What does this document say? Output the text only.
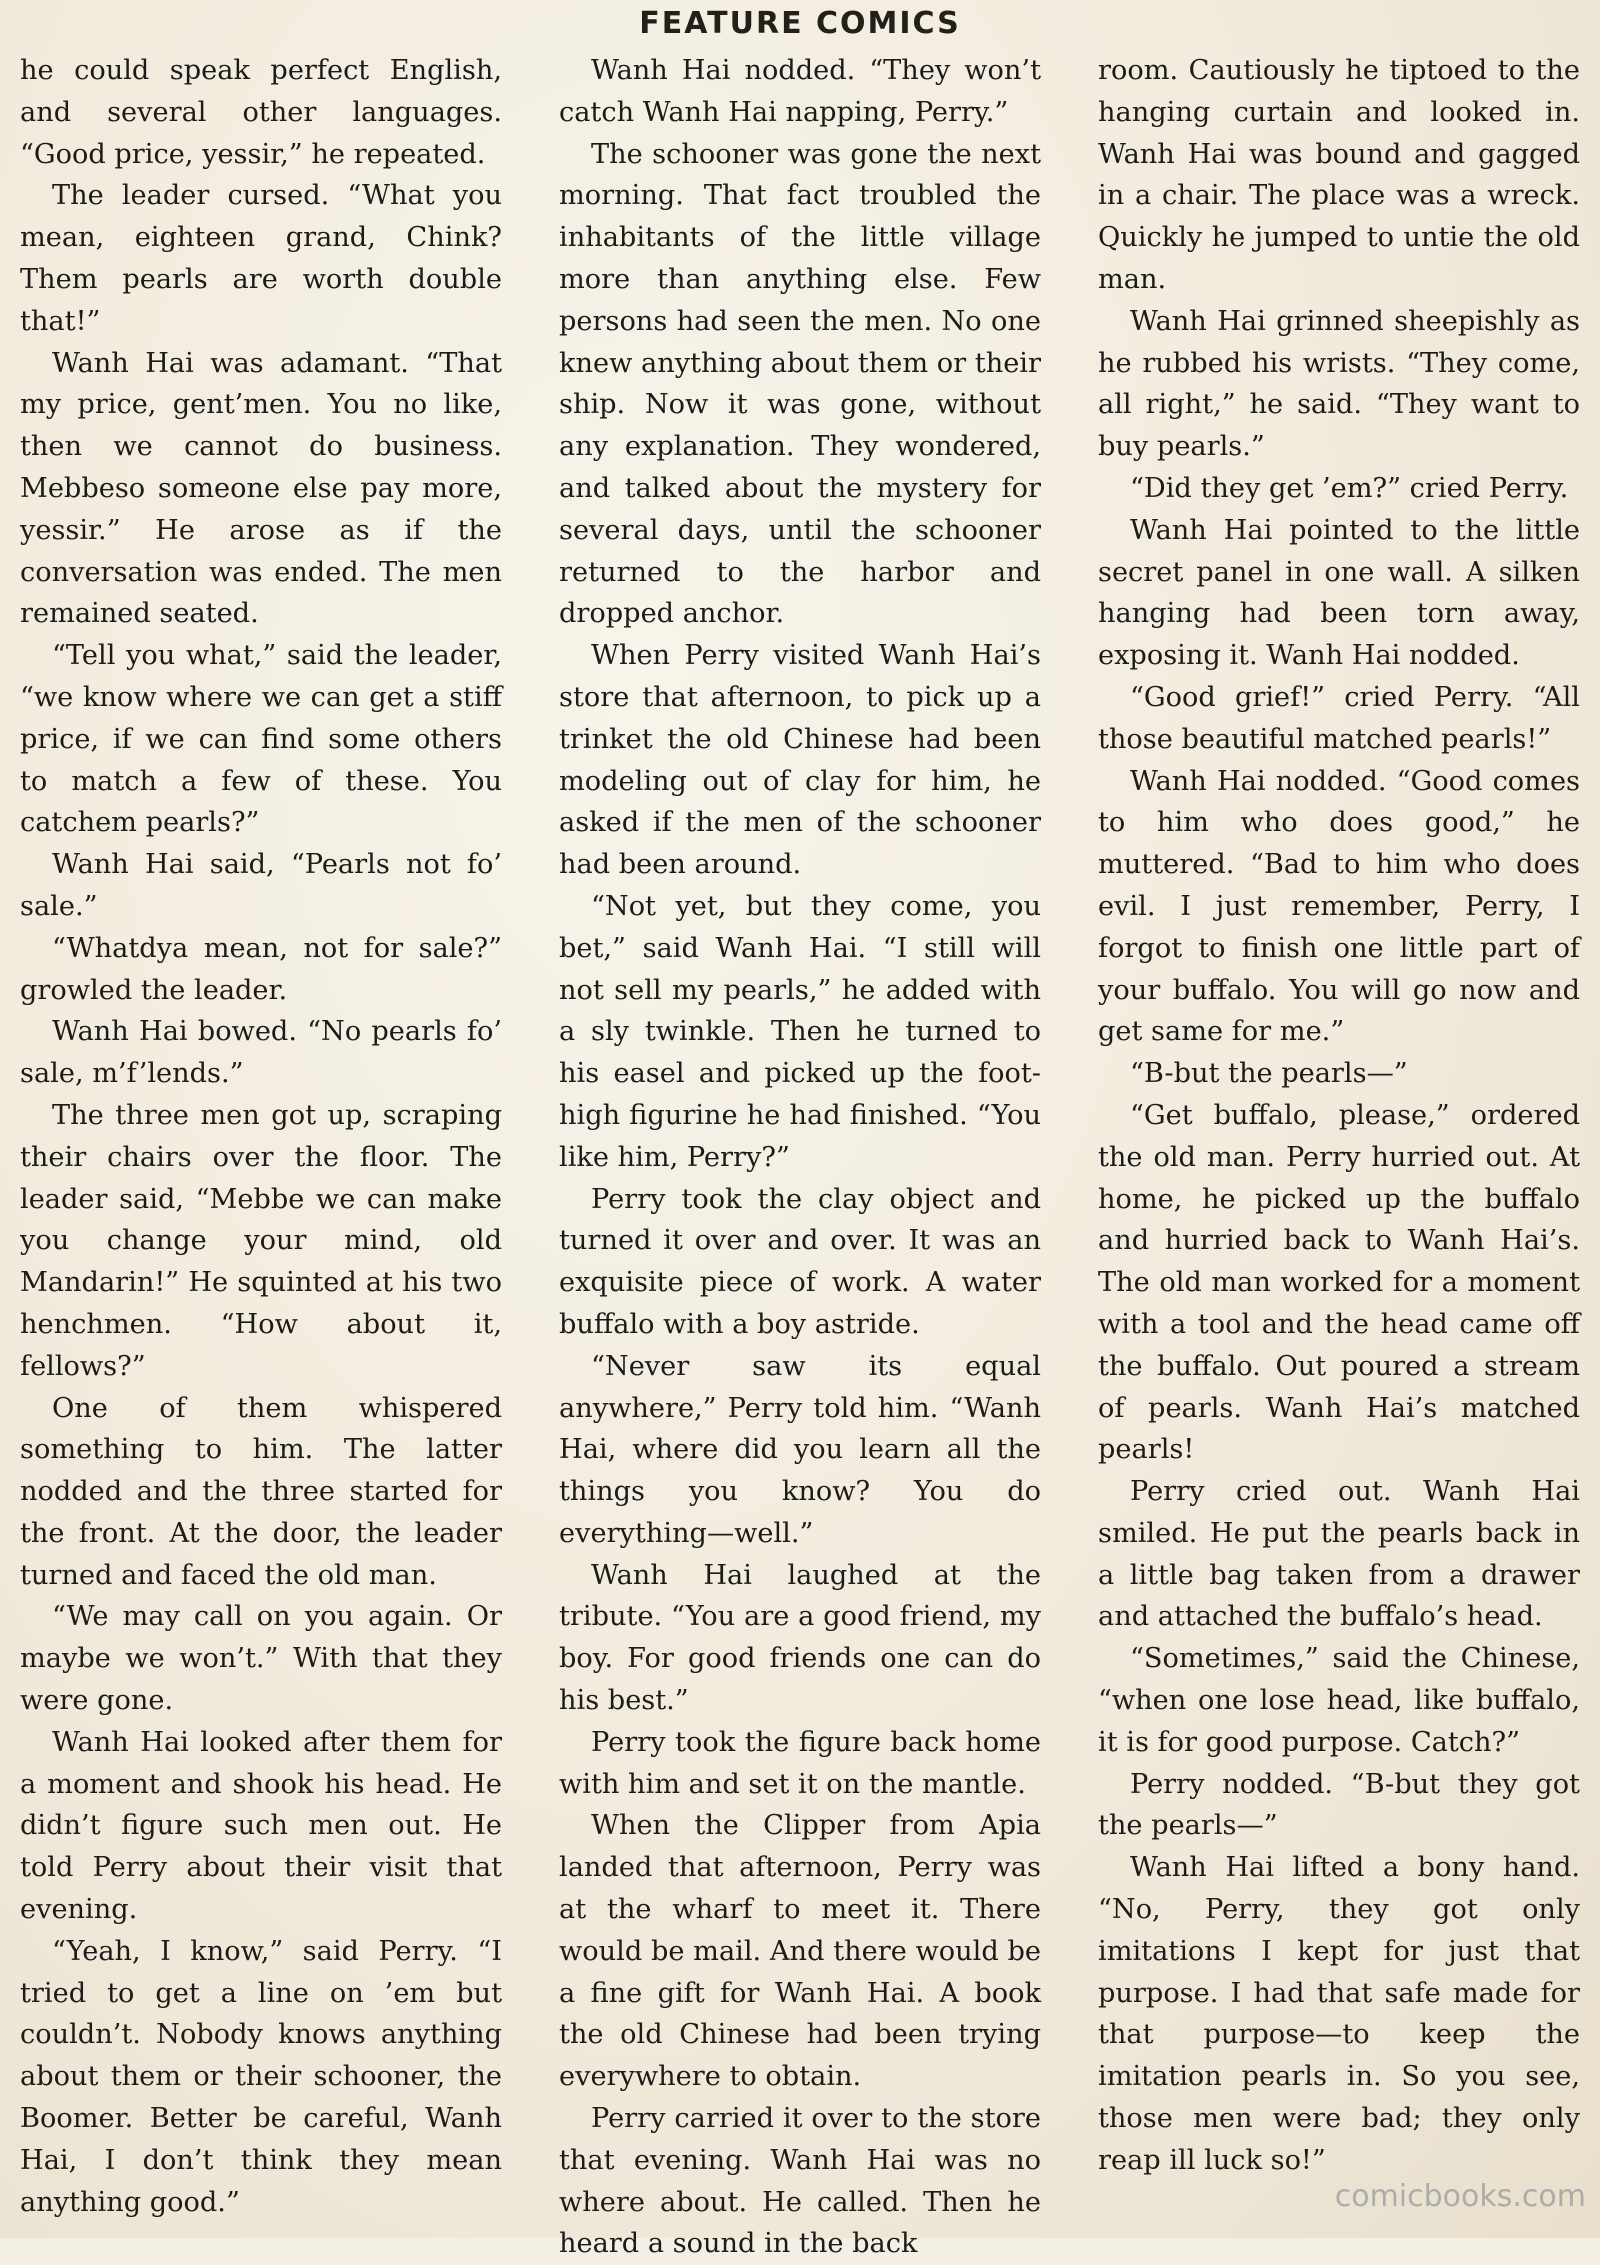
FEATURE COMICS

he could speak perfect English, and several other languages. “Good price, yessir,” he repeated.

The leader cursed. “What you mean, eighteen grand, Chink? Them pearls are worth double that!”

Wanh Hai was adamant. “That my price, gent’men. You no like, then we cannot do business. Mebbeso someone else pay more, yessir.” He arose as if the conversation was ended. The men remained seated.

“Tell you what,” said the leader, “we know where we can get a stiff price, if we can find some others to match a few of these. You catchem pearls?”

Wanh Hai said, “Pearls not fo’ sale.”

“Whatdya mean, not for sale?” growled the leader.

Wanh Hai bowed. “No pearls fo’ sale, m’f’lends.”

The three men got up, scraping their chairs over the floor. The leader said, “Mebbe we can make you change your mind, old Mandarin!” He squinted at his two henchmen. “How about it, fellows?”

One of them whispered something to him. The latter nodded and the three started for the front. At the door, the leader turned and faced the old man.

“We may call on you again. Or maybe we won’t.” With that they were gone.

Wanh Hai looked after them for a moment and shook his head. He didn’t figure such men out. He told Perry about their visit that evening.

“Yeah, I know,” said Perry. “I tried to get a line on ’em but couldn’t. Nobody knows anything about them or their schooner, the Boomer. Better be careful, Wanh Hai, I don’t think they mean anything good.”

Wanh Hai nodded. “They won’t catch Wanh Hai napping, Perry.”

The schooner was gone the next morning. That fact troubled the inhabitants of the little village more than anything else. Few persons had seen the men. No one knew anything about them or their ship. Now it was gone, without any explanation. They wondered, and talked about the mystery for several days, until the schooner returned to the harbor and dropped anchor.

When Perry visited Wanh Hai’s store that afternoon, to pick up a trinket the old Chinese had been modeling out of clay for him, he asked if the men of the schooner had been around.

“Not yet, but they come, you bet,” said Wanh Hai. “I still will not sell my pearls,” he added with a sly twinkle. Then he turned to his easel and picked up the foot-high figurine he had finished. “You like him, Perry?”

Perry took the clay object and turned it over and over. It was an exquisite piece of work. A water buffalo with a boy astride.

“Never saw its equal anywhere,” Perry told him. “Wanh Hai, where did you learn all the things you know? You do everything—well.”

Wanh Hai laughed at the tribute. “You are a good friend, my boy. For good friends one can do his best.”

Perry took the figure back home with him and set it on the mantle.

When the Clipper from Apia landed that afternoon, Perry was at the wharf to meet it. There would be mail. And there would be a fine gift for Wanh Hai. A book the old Chinese had been trying everywhere to obtain.

Perry carried it over to the store that evening. Wanh Hai was no where about. He called. Then he heard a sound in the back

room. Cautiously he tiptoed to the hanging curtain and looked in. Wanh Hai was bound and gagged in a chair. The place was a wreck. Quickly he jumped to untie the old man.

Wanh Hai grinned sheepishly as he rubbed his wrists. “They come, all right,” he said. “They want to buy pearls.”

“Did they get ’em?” cried Perry.

Wanh Hai pointed to the little secret panel in one wall. A silken hanging had been torn away, exposing it. Wanh Hai nodded.

“Good grief!” cried Perry. “All those beautiful matched pearls!”

Wanh Hai nodded. “Good comes to him who does good,” he muttered. “Bad to him who does evil. I just remember, Perry, I forgot to finish one little part of your buffalo. You will go now and get same for me.”

“B-but the pearls—”

“Get buffalo, please,” ordered the old man. Perry hurried out. At home, he picked up the buffalo and hurried back to Wanh Hai’s. The old man worked for a moment with a tool and the head came off the buffalo. Out poured a stream of pearls. Wanh Hai’s matched pearls!

Perry cried out. Wanh Hai smiled. He put the pearls back in a little bag taken from a drawer and attached the buffalo’s head.

“Sometimes,” said the Chinese, “when one lose head, like buffalo, it is for good purpose. Catch?”

Perry nodded. “B-but they got the pearls—”

Wanh Hai lifted a bony hand. “No, Perry, they got only imitations I kept for just that purpose. I had that safe made for that purpose—to keep the imitation pearls in. So you see, those men were bad; they only reap ill luck so!”

comicbooks.com
